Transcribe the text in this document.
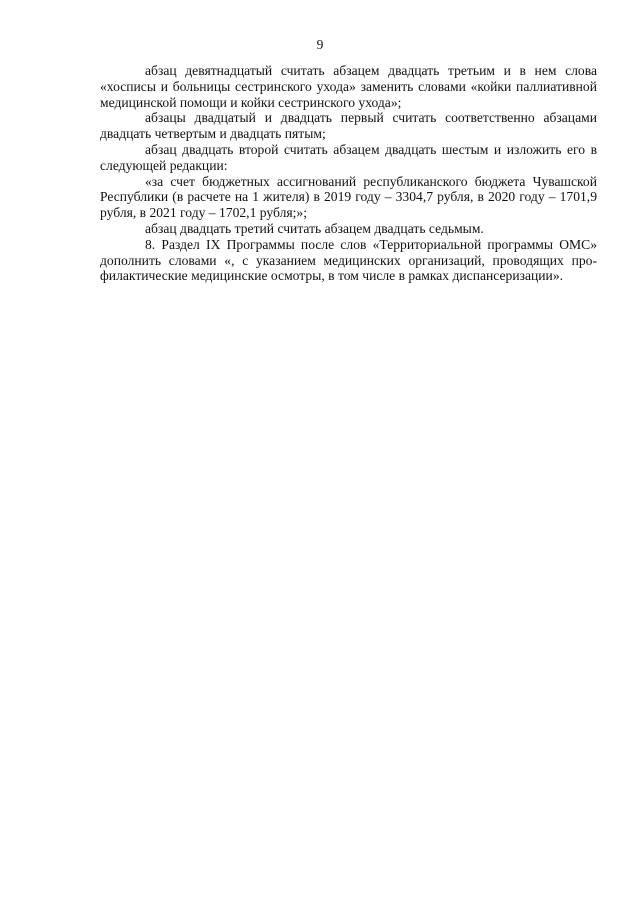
9

абзац девятнадцатый считать абзацем двадцать третьим и в нем слова «хосписы и больницы сестринского ухода» заменить словами «койки паллиативной медицинской помощи и койки сестринского ухода»;

абзацы двадцатый и двадцать первый считать соответственно абзацами двадцать четвертым и двадцать пятым;

абзац двадцать второй считать абзацем двадцать шестым и изложить его в следующей редакции:

«за счет бюджетных ассигнований республиканского бюджета Чувашской Республики (в расчете на 1 жителя) в 2019 году – 3304,7 рубля, в 2020 году – 1701,9 рубля, в 2021 году – 1702,1 рубля;»;

абзац двадцать третий считать абзацем двадцать седьмым.

8. Раздел IX Программы после слов «Территориальной программы ОМС» дополнить словами «, с указанием медицинских организаций, проводящих профилактические медицинские осмотры, в том числе в рамках диспансеризации».
